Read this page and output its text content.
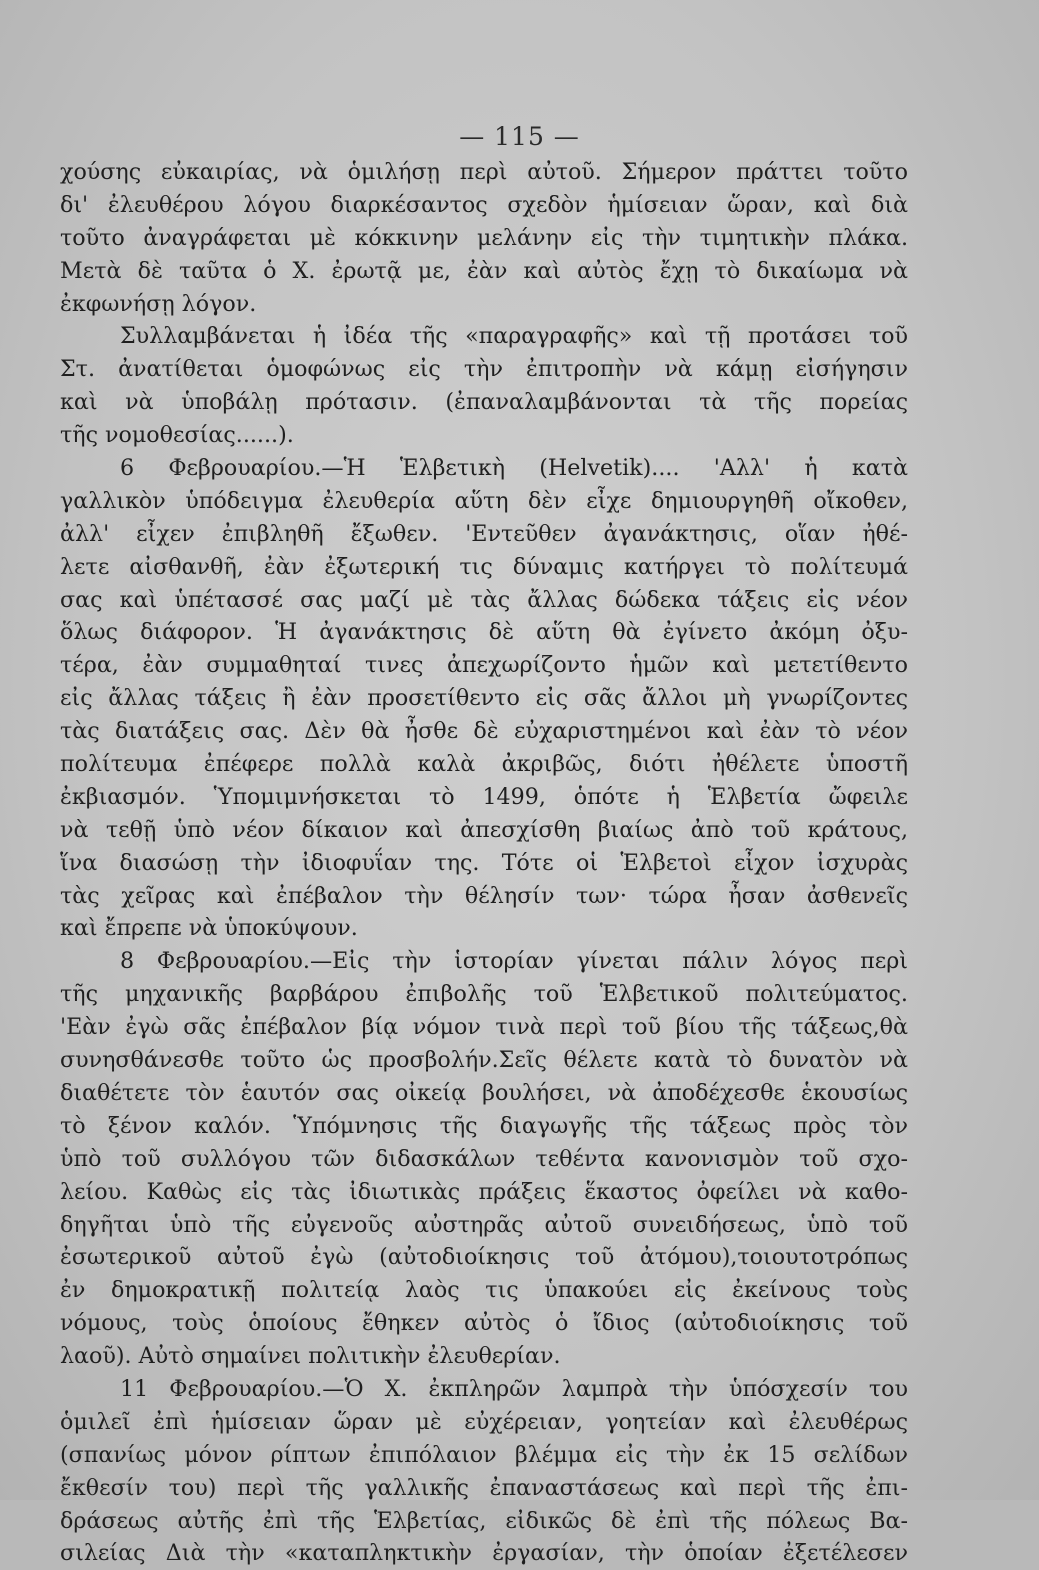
— 115 —
χούσης εὐκαιρίας, νὰ ὁμιλήσῃ περὶ αὐτοῦ. Σήμερον πράττει τοῦτο
δι' ἐλευθέρου λόγου διαρκέσαντος σχεδὸν ἡμίσειαν ὥραν, καὶ διὰ
τοῦτο ἀναγράφεται μὲ κόκκινην μελάνην εἰς τὴν τιμητικὴν πλάκα.
Μετὰ δὲ ταῦτα ὁ Χ. ἐρωτᾷ με, ἐὰν καὶ αὐτὸς ἔχῃ τὸ δικαίωμα νὰ
ἐκφωνήσῃ λόγον.
Συλλαμβάνεται ἡ ἰδέα τῆς «παραγραφῆς» καὶ τῇ προτάσει τοῦ
Στ. ἀνατίθεται ὁμοφώνως εἰς τὴν ἐπιτροπὴν νὰ κάμῃ εἰσήγησιν
καὶ νὰ ὑποβάλῃ πρότασιν. (ἐπαναλαμβάνονται τὰ τῆς πορείας
τῆς νομοθεσίας......).
6 Φεβρουαρίου.—Ἡ Ἑλβετικὴ (Helvetik).... 'Αλλ' ἡ κατὰ
γαλλικὸν ὑπόδειγμα ἐλευθερία αὕτη δὲν εἶχε δημιουργηθῆ οἴκοθεν,
ἀλλ' εἶχεν ἐπιβληθῆ ἔξωθεν. 'Εντεῦθεν ἀγανάκτησις, οἵαν ἠθέ-
λετε αἰσθανθῆ, ἐὰν ἐξωτερική τις δύναμις κατήργει τὸ πολίτευμά
σας καὶ ὑπέτασσέ σας μαζί μὲ τὰς ἄλλας δώδεκα τάξεις εἰς νέον
ὅλως διάφορον. Ἡ ἀγανάκτησις δὲ αὕτη θὰ ἐγίνετο ἀκόμη ὀξυ-
τέρα, ἐὰν συμμαθηταί τινες ἀπεχωρίζοντο ἡμῶν καὶ μετετίθεντο
εἰς ἄλλας τάξεις ἢ ἐὰν προσετίθεντο εἰς σᾶς ἄλλοι μὴ γνωρίζοντες
τὰς διατάξεις σας. Δὲν θὰ ἦσθε δὲ εὐχαριστημένοι καὶ ἐὰν τὸ νέον
πολίτευμα ἐπέφερε πολλὰ καλὰ ἀκριβῶς, διότι ἠθέλετε ὑποστῆ
ἐκβιασμόν. Ὑπομιμνήσκεται τὸ 1499, ὁπότε ἡ Ἑλβετία ὤφειλε
νὰ τεθῇ ὑπὸ νέον δίκαιον καὶ ἀπεσχίσθη βιαίως ἀπὸ τοῦ κράτους,
ἵνα διασώσῃ τὴν ἰδιοφυΐαν της. Τότε οἱ Ἑλβετοὶ εἶχον ἰσχυρὰς
τὰς χεῖρας καὶ ἐπέβαλον τὴν θέλησίν των· τώρα ἦσαν ἀσθενεῖς
καὶ ἔπρεπε νὰ ὑποκύψουν.
8 Φεβρουαρίου.—Εἰς τὴν ἱστορίαν γίνεται πάλιν λόγος περὶ
τῆς μηχανικῆς βαρβάρου ἐπιβολῆς τοῦ Ἑλβετικοῦ πολιτεύματος.
'Εὰν ἐγὼ σᾶς ἐπέβαλον βίᾳ νόμον τινὰ περὶ τοῦ βίου τῆς τάξεως,θὰ
συνησθάνεσθε τοῦτο ὡς προσβολήν.Σεῖς θέλετε κατὰ τὸ δυνατὸν νὰ
διαθέτετε τὸν ἑαυτόν σας οἰκείᾳ βουλήσει, νὰ ἀποδέχεσθε ἑκουσίως
τὸ ξένον καλόν. Ὑπόμνησις τῆς διαγωγῆς τῆς τάξεως πρὸς τὸν
ὑπὸ τοῦ συλλόγου τῶν διδασκάλων τεθέντα κανονισμὸν τοῦ σχο-
λείου. Καθὼς εἰς τὰς ἰδιωτικὰς πράξεις ἕκαστος ὀφείλει νὰ καθο-
δηγῆται ὑπὸ τῆς εὐγενοῦς αὐστηρᾶς αὐτοῦ συνειδήσεως, ὑπὸ τοῦ
ἐσωτερικοῦ αὐτοῦ ἐγὼ (αὐτοδιοίκησις τοῦ ἀτόμου),τοιουτοτρόπως
ἐν δημοκρατικῇ πολιτείᾳ λαὸς τις ὑπακούει εἰς ἐκείνους τοὺς
νόμους, τοὺς ὁποίους ἔθηκεν αὐτὸς ὁ ἴδιος (αὐτοδιοίκησις τοῦ
λαοῦ). Αὐτὸ σημαίνει πολιτικὴν ἐλευθερίαν.
11 Φεβρουαρίου.—Ὁ Χ. ἐκπληρῶν λαμπρὰ τὴν ὑπόσχεσίν του
ὁμιλεῖ ἐπὶ ἡμίσειαν ὥραν μὲ εὐχέρειαν, γοητείαν καὶ ἐλευθέρως
(σπανίως μόνον ρίπτων ἐπιπόλαιον βλέμμα εἰς τὴν ἐκ 15 σελίδων
ἔκθεσίν του) περὶ τῆς γαλλικῆς ἐπαναστάσεως καὶ περὶ τῆς ἐπι-
δράσεως αὐτῆς ἐπὶ τῆς Ἑλβετίας, εἰδικῶς δὲ ἐπὶ τῆς πόλεως Βα-
σιλείας Διὰ τὴν «καταπληκτικὴν ἐργασίαν, τὴν ὁποίαν ἐξετέλεσεν
